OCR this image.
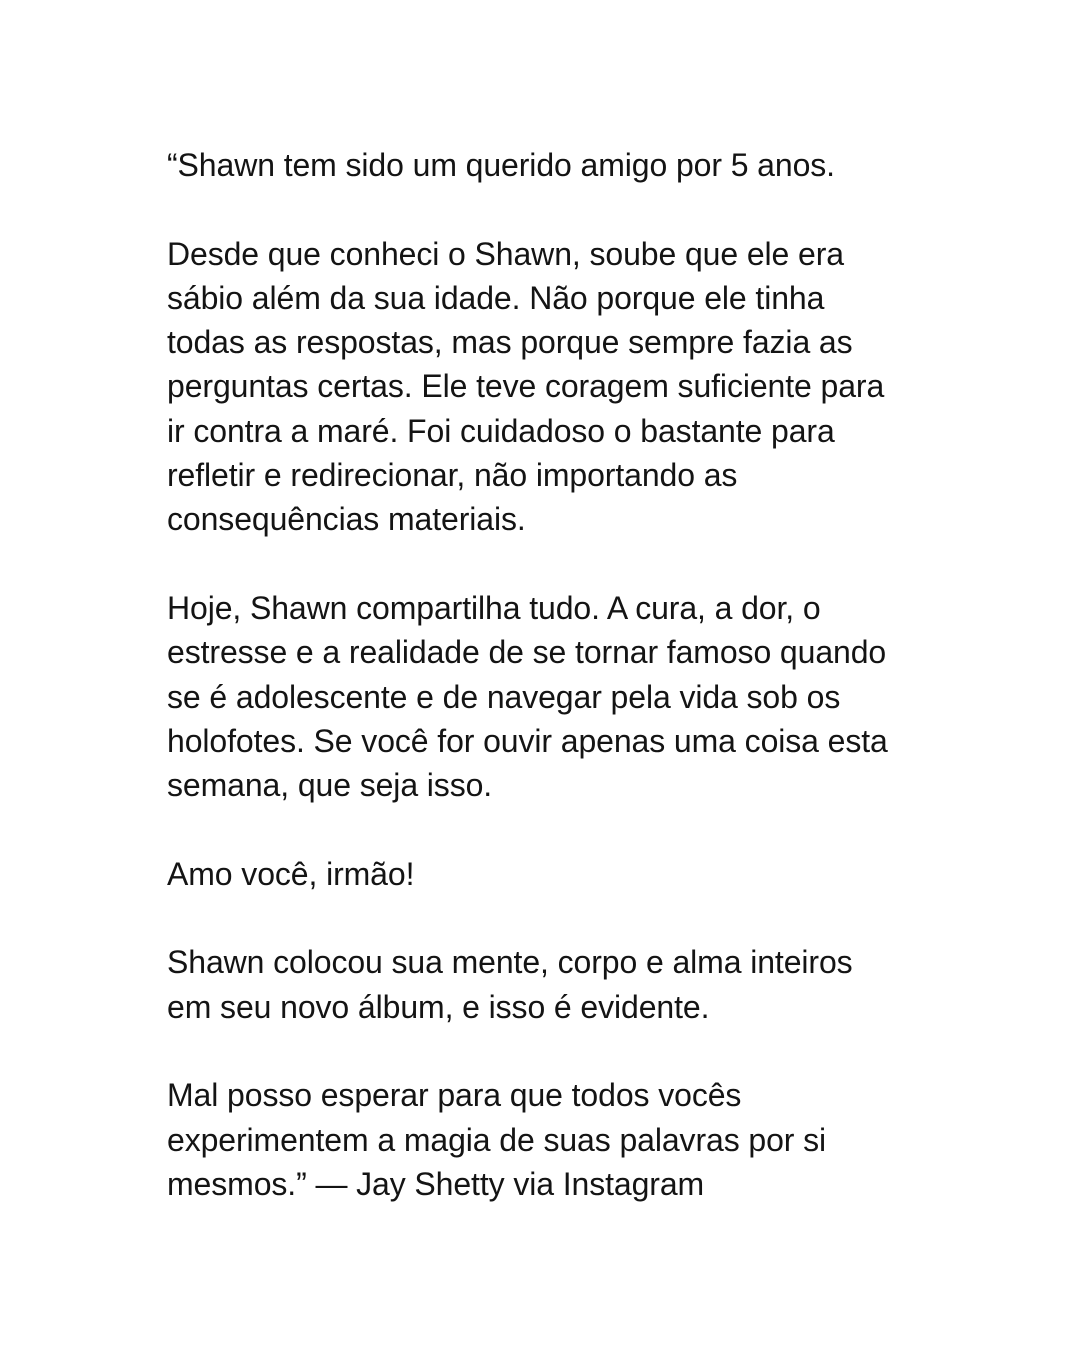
“Shawn tem sido um querido amigo por 5 anos.
Desde que conheci o Shawn, soube que ele era
sábio além da sua idade. Não porque ele tinha
todas as respostas, mas porque sempre fazia as
perguntas certas. Ele teve coragem suficiente para
ir contra a maré. Foi cuidadoso o bastante para
refletir e redirecionar, não importando as
consequências materiais.
Hoje, Shawn compartilha tudo. A cura, a dor, o
estresse e a realidade de se tornar famoso quando
se é adolescente e de navegar pela vida sob os
holofotes. Se você for ouvir apenas uma coisa esta
semana, que seja isso.
Amo você, irmão!
Shawn colocou sua mente, corpo e alma inteiros
em seu novo álbum, e isso é evidente.
Mal posso esperar para que todos vocês
experimentem a magia de suas palavras por si
mesmos.” — Jay Shetty via Instagram
